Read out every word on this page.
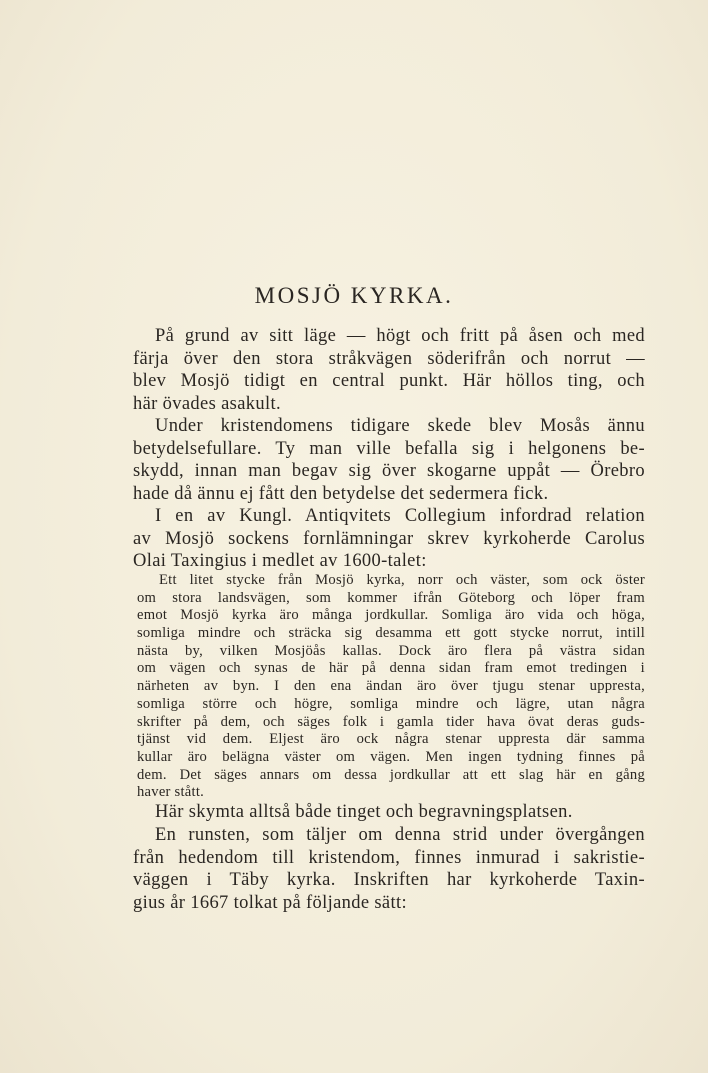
MOSJÖ KYRKA.
På grund av sitt läge — högt och fritt på åsen och med
färja över den stora stråkvägen söderifrån och norrut —
blev Mosjö tidigt en central punkt. Här höllos ting, och
här övades asakult.
Under kristendomens tidigare skede blev Mosås ännu
betydelsefullare. Ty man ville befalla sig i helgonens be-
skydd, innan man begav sig över skogarne uppåt — Örebro
hade då ännu ej fått den betydelse det sedermera fick.
I en av Kungl. Antiqvitets Collegium infordrad relation
av Mosjö sockens fornlämningar skrev kyrkoherde Carolus
Olai Taxingius i medlet av 1600-talet:
Ett litet stycke från Mosjö kyrka, norr och väster, som ock öster
om stora landsvägen, som kommer ifrån Göteborg och löper fram
emot Mosjö kyrka äro många jordkullar. Somliga äro vida och höga,
somliga mindre och sträcka sig desamma ett gott stycke norrut, intill
nästa by, vilken Mosjöås kallas. Dock äro flera på västra sidan
om vägen och synas de här på denna sidan fram emot tredingen i
närheten av byn. I den ena ändan äro över tjugu stenar uppresta,
somliga större och högre, somliga mindre och lägre, utan några
skrifter på dem, och säges folk i gamla tider hava övat deras guds-
tjänst vid dem. Eljest äro ock några stenar uppresta där samma
kullar äro belägna väster om vägen. Men ingen tydning finnes på
dem. Det säges annars om dessa jordkullar att ett slag här en gång
haver stått.
Här skymta alltså både tinget och begravningsplatsen.
En runsten, som täljer om denna strid under övergången
från hedendom till kristendom, finnes inmurad i sakristie-
väggen i Täby kyrka. Inskriften har kyrkoherde Taxin-
gius år 1667 tolkat på följande sätt:
